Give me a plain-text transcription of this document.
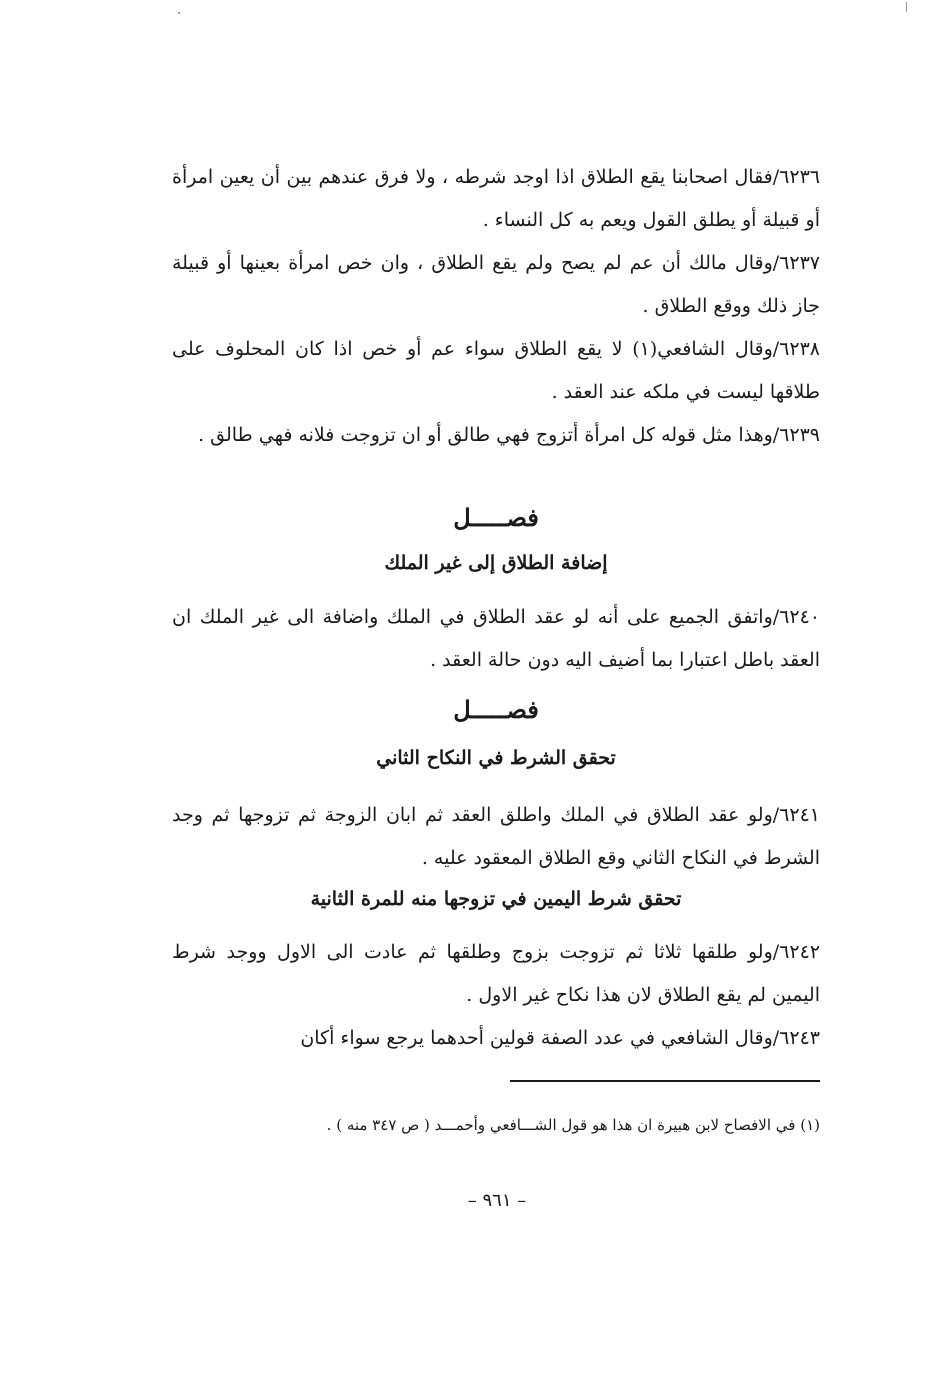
٦٢٣٦/فقال اصحابنا يقع الطلاق اذا اوجد شرطه ، ولا فرق عندهم بين أن يعين امرأة أو قبيلة أو يطلق القول ويعم به كل النساء .

٦٢٣٧/وقال مالك أن عم لم يصح ولم يقع الطلاق ، وان خص امرأة بعينها أو قبيلة جاز ذلك ووقع الطلاق .

٦٢٣٨/وقال الشافعي(١) لا يقع الطلاق سواء عم أو خص اذا كان المحلوف على طلاقها ليست في ملكه عند العقد .

٦٢٣٩/وهذا مثل قوله كل امرأة أتزوج فهي طالق أو ان تزوجت فلانه فهي طالق .

فصـــــل

إضافة الطلاق إلى غير الملك

٦٢٤٠/واتفق الجميع على أنه لو عقد الطلاق في الملك واضافة الى غير الملك ان العقد باطل اعتبارا بما أضيف اليه دون حالة العقد .

فصـــــل

تحقق الشرط في النكاح الثاني

٦٢٤١/ولو عقد الطلاق في الملك واطلق العقد ثم ابان الزوجة ثم تزوجها ثم وجد الشرط في النكاح الثاني وقع الطلاق المعقود عليه .

تحقق شرط اليمين في تزوجها منه للمرة الثانية

٦٢٤٢/ولو طلقها ثلاثا ثم تزوجت بزوج وطلقها ثم عادت الى الاول ووجد شرط اليمين لم يقع الطلاق لان هذا نكاح غير الاول .

٦٢٤٣/وقال الشافعي في عدد الصفة قولين أحدهما يرجع سواء أكان

(١) في الافصاح لابن هبيرة ان هذا هو قول الشـــافعي وأحمـــد ( ص ٣٤٧ منه ) .

– ٩٦١ –
